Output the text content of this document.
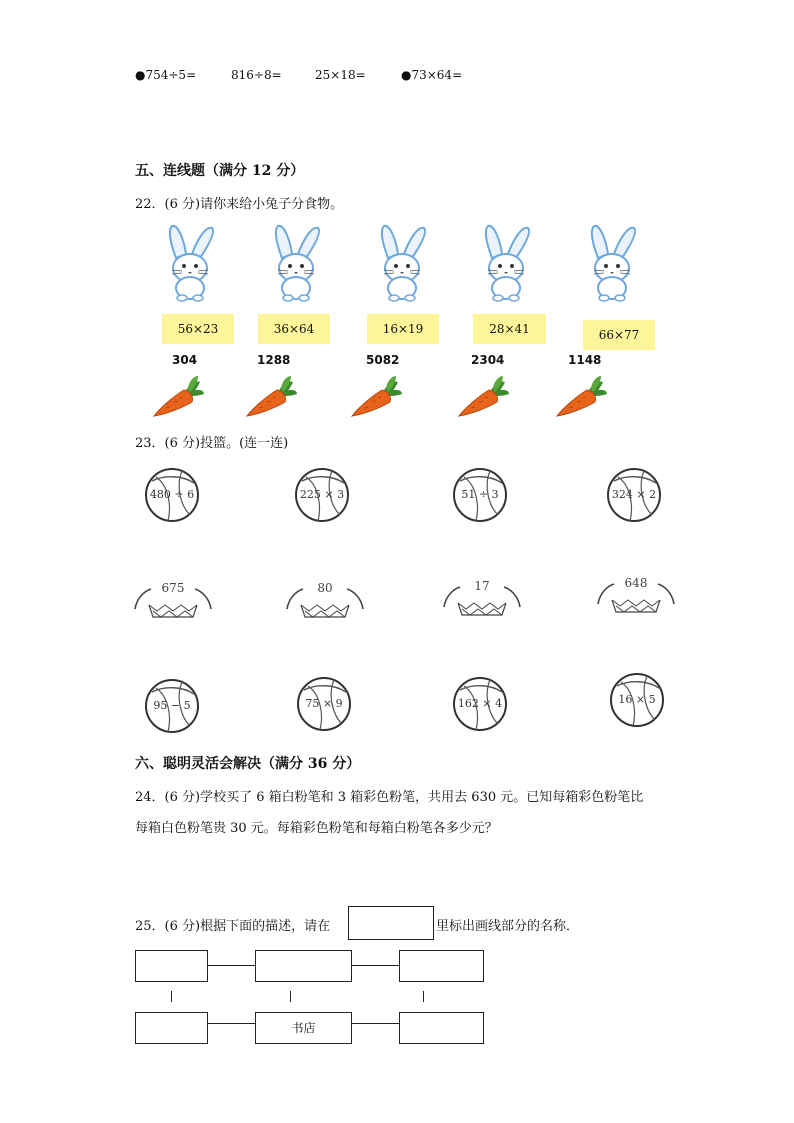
●754÷5=	816÷8=	25×18=	●73×64=
五、连线题（满分 12 分）
22．(6 分)请你来给小兔子分食物。
56×23	36×64	16×19	28×41	66×77
304	1288	5082	2304	1148
23．(6 分)投篮。(连一连)
480 ÷ 6	225 × 3	51 ÷ 3	324 × 2
675	80	17	648
95 − 5	75 × 9	162 × 4	16 × 5
六、聪明灵活会解决（满分 36 分）
24．(6 分)学校买了 6 箱白粉笔和 3 箱彩色粉笔，共用去 630 元。已知每箱彩色粉笔比
每箱白色粉笔贵 30 元。每箱彩色粉笔和每箱白粉笔各多少元？
25．(6 分)根据下面的描述，请在	里标出画线部分的名称．
书店
